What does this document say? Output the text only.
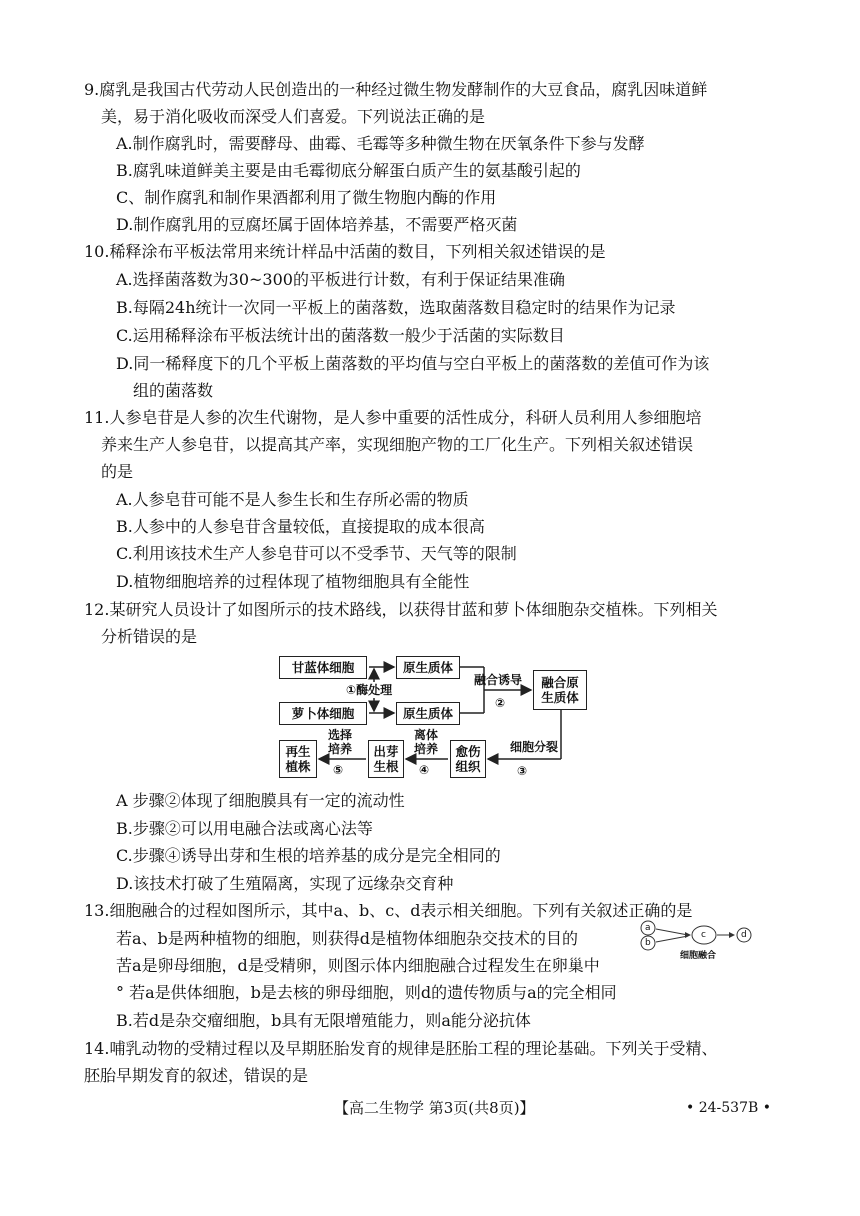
9.腐乳是我国古代劳动人民创造出的一种经过微生物发酵制作的大豆食品，腐乳因味道鲜
美，易于消化吸收而深受人们喜爱。下列说法正确的是
A.制作腐乳时，需要酵母、曲霉、毛霉等多种微生物在厌氧条件下参与发酵
B.腐乳味道鲜美主要是由毛霉彻底分解蛋白质产生的氨基酸引起的
C、制作腐乳和制作果酒都利用了微生物胞内酶的作用
D.制作腐乳用的豆腐坯属于固体培养基，不需要严格灭菌
10.稀释涂布平板法常用来统计样品中活菌的数目，下列相关叙述错误的是
A.选择菌落数为30~300的平板进行计数，有利于保证结果准确
B.每隔24h统计一次同一平板上的菌落数，选取菌落数目稳定时的结果作为记录
C.运用稀释涂布平板法统计出的菌落数一般少于活菌的实际数目
D.同一稀释度下的几个平板上菌落数的平均值与空白平板上的菌落数的差值可作为该
组的菌落数
11.人参皂苷是人参的次生代谢物，是人参中重要的活性成分，科研人员利用人参细胞培
养来生产人参皂苷，以提高其产率，实现细胞产物的工厂化生产。下列相关叙述错误
的是
A.人参皂苷可能不是人参生长和生存所必需的物质
B.人参中的人参皂苷含量较低，直接提取的成本很高
C.利用该技术生产人参皂苷可以不受季节、天气等的限制
D.植物细胞培养的过程体现了植物细胞具有全能性
12.某研究人员设计了如图所示的技术路线，以获得甘蓝和萝卜体细胞杂交植株。下列相关
分析错误的是
甘蓝体细胞
萝卜体细胞
原生质体
原生质体
融合原生质体
愈伤组织
出芽生根
再生植株
①酶处理
融合诱导
②
细胞分裂
③
离体培养
④
选择培养
⑤
A 步骤②体现了细胞膜具有一定的流动性
B.步骤②可以用电融合法或离心法等
C.步骤④诱导出芽和生根的培养基的成分是完全相同的
D.该技术打破了生殖隔离，实现了远缘杂交育种
13.细胞融合的过程如图所示，其中a、b、c、d表示相关细胞。下列有关叙述正确的是
若a、b是两种植物的细胞，则获得d是植物体细胞杂交技术的目的
苦a是卵母细胞，d是受精卵，则图示体内细胞融合过程发生在卵巢中
° 若a是供体细胞，b是去核的卵母细胞，则d的遗传物质与a的完全相同
B.若d是杂交瘤细胞，b具有无限增殖能力，则a能分泌抗体
a
b
c	d
细胞融合
14.哺乳动物的受精过程以及早期胚胎发育的规律是胚胎工程的理论基础。下列关于受精、
胚胎早期发育的叙述，错误的是
【高二生物学 第3页(共8页)】	• 24-537B •
